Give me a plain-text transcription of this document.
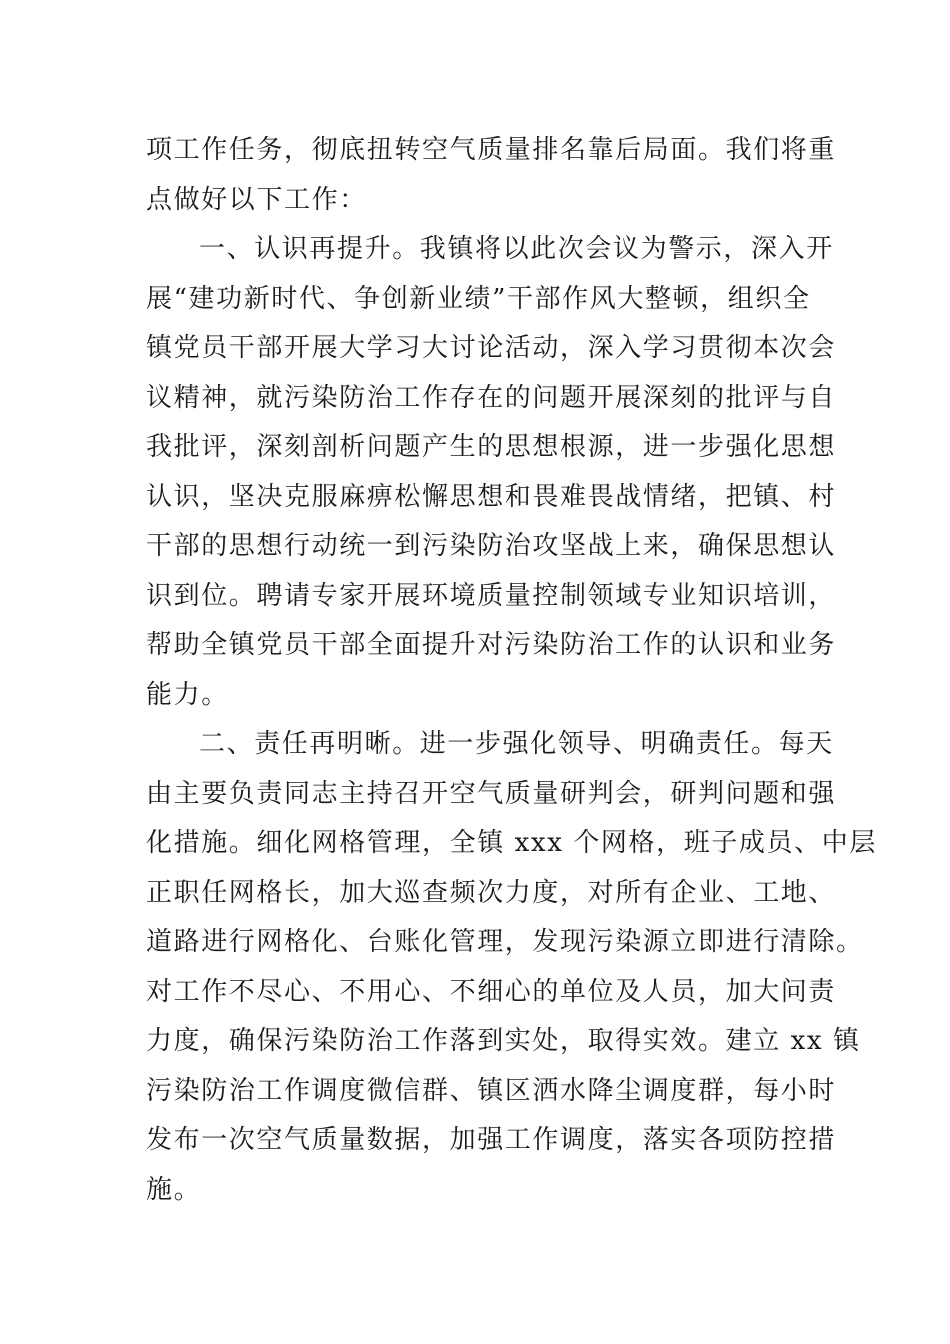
项工作任务，彻底扭转空气质量排名靠后局面。我们将重
点做好以下工作：
一、认识再提升。我镇将以此次会议为警示，深入开
展“建功新时代、争创新业绩”干部作风大整顿，组织全
镇党员干部开展大学习大讨论活动，深入学习贯彻本次会
议精神，就污染防治工作存在的问题开展深刻的批评与自
我批评，深刻剖析问题产生的思想根源，进一步强化思想
认识，坚决克服麻痹松懈思想和畏难畏战情绪，把镇、村
干部的思想行动统一到污染防治攻坚战上来，确保思想认
识到位。聘请专家开展环境质量控制领域专业知识培训，
帮助全镇党员干部全面提升对污染防治工作的认识和业务
能力。
二、责任再明晰。进一步强化领导、明确责任。每天
由主要负责同志主持召开空气质量研判会，研判问题和强
化措施。细化网格管理，全镇 xxx 个网格，班子成员、中层
正职任网格长，加大巡查频次力度，对所有企业、工地、
道路进行网格化、台账化管理，发现污染源立即进行清除。
对工作不尽心、不用心、不细心的单位及人员，加大问责
力度，确保污染防治工作落到实处，取得实效。建立 xx 镇
污染防治工作调度微信群、镇区洒水降尘调度群，每小时
发布一次空气质量数据，加强工作调度，落实各项防控措
施。
